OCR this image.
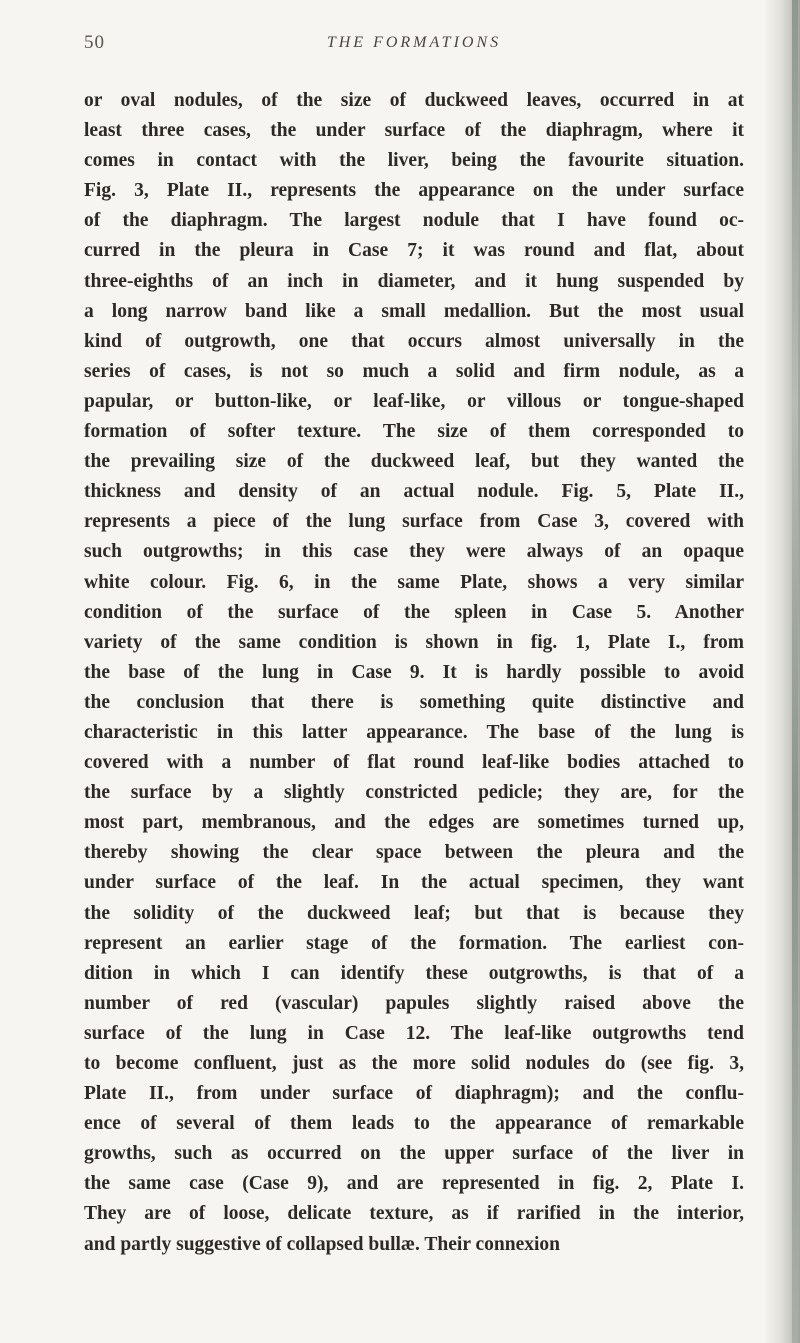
50	THE FORMATIONS
or oval nodules, of the size of duckweed leaves, occurred in at
least three cases, the under surface of the diaphragm, where it
comes in contact with the liver, being the favourite situation.
Fig. 3, Plate II., represents the appearance on the under surface
of the diaphragm. The largest nodule that I have found oc-
curred in the pleura in Case 7; it was round and flat, about
three-eighths of an inch in diameter, and it hung suspended by
a long narrow band like a small medallion. But the most usual
kind of outgrowth, one that occurs almost universally in the
series of cases, is not so much a solid and firm nodule, as a
papular, or button-like, or leaf-like, or villous or tongue-shaped
formation of softer texture. The size of them corresponded to
the prevailing size of the duckweed leaf, but they wanted the
thickness and density of an actual nodule. Fig. 5, Plate II.,
represents a piece of the lung surface from Case 3, covered with
such outgrowths; in this case they were always of an opaque
white colour. Fig. 6, in the same Plate, shows a very similar
condition of the surface of the spleen in Case 5. Another
variety of the same condition is shown in fig. 1, Plate I., from
the base of the lung in Case 9. It is hardly possible to avoid
the conclusion that there is something quite distinctive and
characteristic in this latter appearance. The base of the lung is
covered with a number of flat round leaf-like bodies attached to
the surface by a slightly constricted pedicle; they are, for the
most part, membranous, and the edges are sometimes turned up,
thereby showing the clear space between the pleura and the
under surface of the leaf. In the actual specimen, they want
the solidity of the duckweed leaf; but that is because they
represent an earlier stage of the formation. The earliest con-
dition in which I can identify these outgrowths, is that of a
number of red (vascular) papules slightly raised above the
surface of the lung in Case 12. The leaf-like outgrowths tend
to become confluent, just as the more solid nodules do (see fig. 3,
Plate II., from under surface of diaphragm); and the conflu-
ence of several of them leads to the appearance of remarkable
growths, such as occurred on the upper surface of the liver in
the same case (Case 9), and are represented in fig. 2, Plate I.
They are of loose, delicate texture, as if rarified in the interior,
and partly suggestive of collapsed bullæ. Their connexion
